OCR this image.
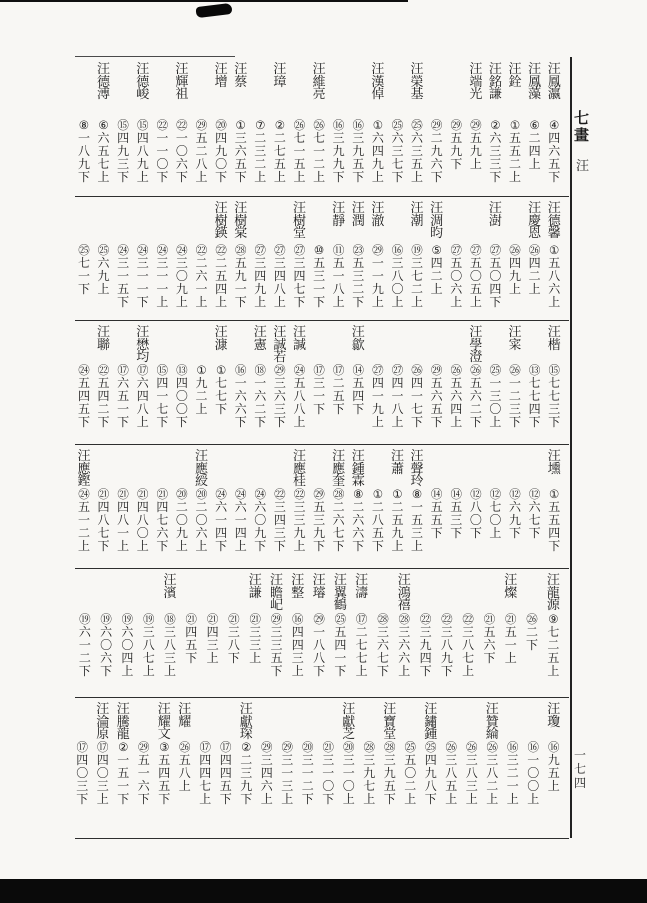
汪
鳳
瀛
④
四
六
五
下
汪
鳳
藻
⑥
二
四
上
汪
銓
①
五
五
二
上
汪
銘
謙
②
六
三
三
下
汪
端
光
㉙
五
九
上
㉙
五
九
下
㉙
二
九
六
下
汪
榮
基
㉕
六
三
五
上
㉕
六
三
七
下
汪
漢
倬
①
六
四
九
上
⑯
三
九
五
下
⑯
三
九
九
下
汪
維
亮
㉖
七
一
二
上
㉖
七
一
五
上
汪
璋
②
二
七
五
上
⑦
二
三
二
上
汪
蔡
①
三
六
五
下
汪
增
⑳
四
九
〇
下
㉙
五
二
八
上
汪
輝
祖
㉒
一
〇
六
下
㉒
一
一
〇
下
汪
德
峻
⑮
四
八
九
上
⑮
四
九
三
下
汪
德
溥
⑥
六
五
七
上
⑧
一
八
九
下
汪
德
馨
①
五
八
六
上
汪
慶
恩
㉖
四
二
上
㉖
四
九
上
汪
澍
㉗
五
〇
四
下
㉗
五
〇
五
上
㉗
五
〇
六
上
汪
淍
昀
⑤
四
二
上
汪
潮
⑲
三
七
二
上
⑯
三
八
〇
上
汪
澈
㉙
一
一
九
上
汪
潤
㉓
五
三
二
下
汪
靜
⑪
五
一
八
上
⑩
五
三
一
下
汪
樹
堂
㉗
三
四
七
下
㉗
三
四
八
上
㉗
三
四
九
上
汪
樹
棠
㉘
五
九
一
下
汪
樹
鍈
㉒
二
五
四
上
㉒
二
六
一
上
㉔
三
〇
九
上
㉔
三
一
一
上
㉔
三
一
一
下
㉔
三
一
五
下
㉕
六
九
上
㉕
七
一
下
汪
楷
⑮
七
七
三
下
⑬
七
七
四
下
汪
寀
㉖
一
二
三
下
㉕
一
三
〇
上
汪
學
澄
㉖
五
六
二
下
㉖
五
六
四
上
㉙
五
六
五
下
㉖
四
一
七
下
㉗
四
一
八
上
㉗
四
一
九
上
汪
歙
⑭
五
四
下
⑰
二
五
下
⑰
三
一
下
汪
諴
㉔
五
八
八
上
汪
誠
若
㉙
三
六
三
下
汪
憲
⑱
一
六
二
下
⑯
一
六
六
下
汪
漮
①
七
七
下
①
九
二
上
⑬
四
〇
〇
下
⑮
四
一
七
下
汪
懋
均
⑰
六
四
八
上
⑰
六
五
一
下
汪
聯
㉒
五
四
二
下
㉔
五
四
五
下
汪
壎
①
五
五
四
下
⑫
六
七
下
⑫
六
九
下
⑫
七
〇
上
⑫
八
〇
下
⑭
五
三
下
⑭
五
五
下
汪
聲
玲
⑧
一
五
三
上
汪
蕭
①
二
五
九
上
①
二
八
五
下
汪
鍾
霖
⑧
二
六
六
下
汪
應
奎
㉘
二
六
七
下
㉙
五
三
九
下
汪
應
桂
㉒
三
三
九
上
㉒
三
四
三
下
㉔
六
〇
九
下
㉔
六
一
四
上
㉔
六
一
四
下
汪
應
綬
⑳
二
〇
六
上
⑳
二
〇
九
上
㉑
四
七
六
下
㉑
四
八
〇
上
㉑
四
八
一
上
㉑
四
八
七
下
汪
應
鏗
㉔
五
一
二
上
汪
龍
源
⑨
七
二
五
上
㉖
二
下
汪
燦
㉑
五
一
上
㉑
五
六
下
㉒
三
八
七
上
㉒
三
八
九
下
㉒
三
九
四
下
汪
鴻
禧
㉘
三
六
六
上
㉘
三
六
七
下
汪
濤
⑰
二
七
七
上
汪
翼
鶴
㉕
五
四
一
下
汪
璿
㉙
一
八
八
下
汪
整
⑯
四
四
三
上
汪
瞻
屺
㉙
三
三
五
下
汪
謙
㉑
三
三
上
㉑
三
八
下
㉑
四
三
上
㉑
四
五
下
汪
濱
⑱
三
八
三
上
⑲
三
八
七
上
⑲
六
〇
四
上
⑲
六
〇
六
下
⑲
六
一
二
下
汪
瓊
⑯
九
五
上
⑯
一
〇
〇
上
⑯
三
二
一
上
汪
贊
綸
㉖
三
八
二
上
㉖
三
八
三
上
㉖
三
八
五
上
汪
鏽
鍾
㉕
四
九
八
下
㉕
五
〇
二
上
汪
寶
堂
㉘
三
九
五
下
㉘
三
九
七
上
汪
獻
芝
⑳
三
一
〇
上
㉑
三
一
〇
下
⑳
三
一
二
下
㉙
三
一
三
上
㉙
三
四
六
上
汪
獻
琛
②
二
三
九
下
⑰
四
四
五
下
⑰
四
四
七
上
汪
耀
㉖
五
八
上
汪
耀
文
③
五
四
五
下
㉙
五
一
六
下
汪
騰
龍
②
一
五
一
下
汪
淪
原
⑰
四
〇
三
上
⑰
四
〇
三
下
七
畫
汪
一
七
四
